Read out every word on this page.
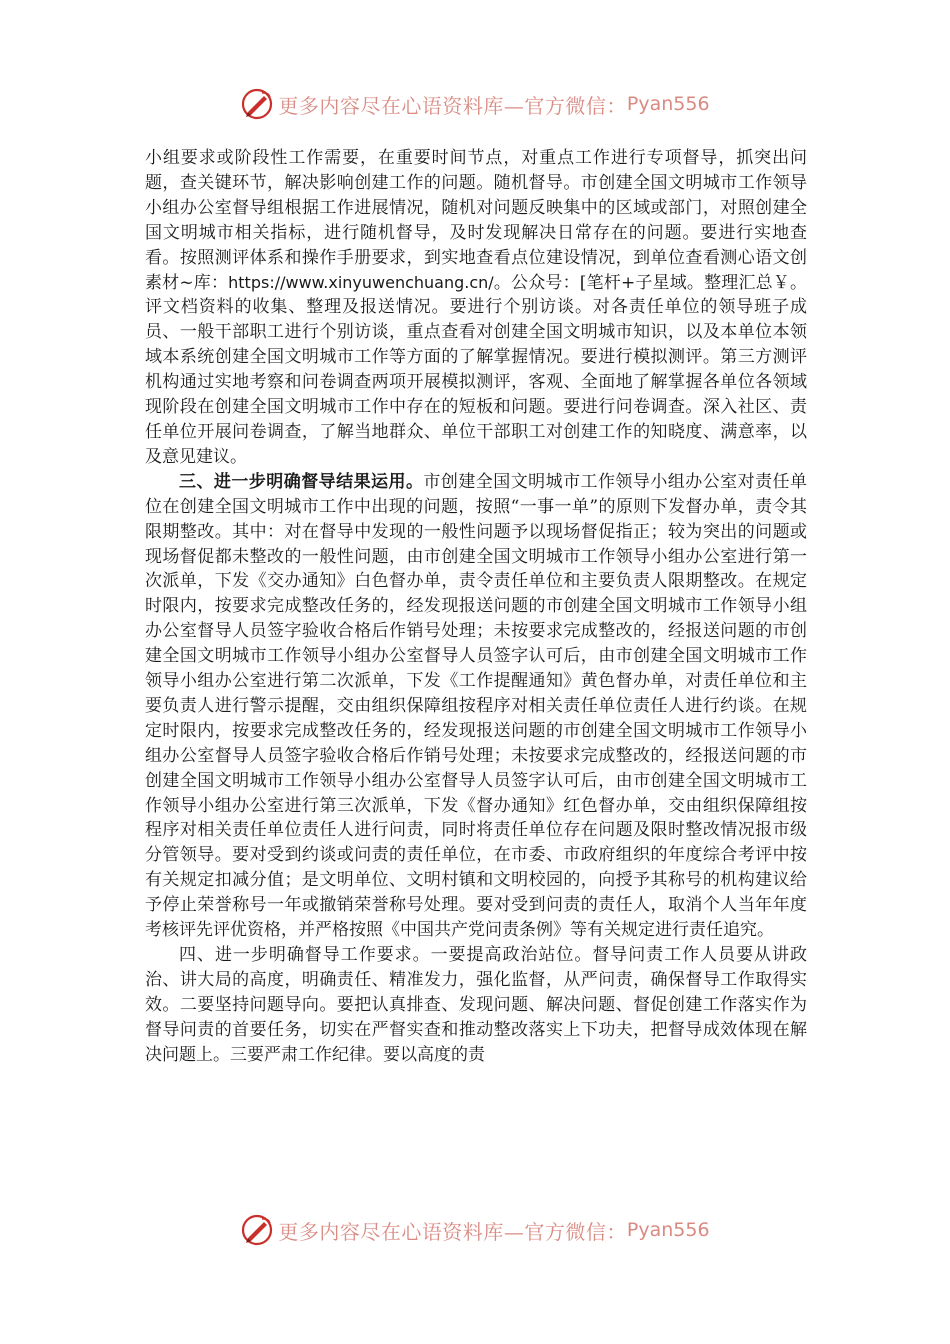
更多内容尽在心语资料库—官方微信： Pyan556

小组要求或阶段性工作需要，在重要时间节点，对重点工作进行专项督导，抓突出问题，查关键环节，解决影响创建工作的问题。随机督导。市创建全国文明城市工作领导小组办公室督导组根据工作进展情况，随机对问题反映集中的区域或部门，对照创建全国文明城市相关指标，进行随机督导，及时发现解决日常存在的问题。要进行实地查看。按照测评体系和操作手册要求，到实地查看点位建设情况，到单位查看测心语文创素材~库：https://www.xinyuwenchuang.cn/。公众号：[笔杆+子星域。整理汇总￥。评文档资料的收集、整理及报送情况。要进行个别访谈。对各责任单位的领导班子成员、一般干部职工进行个别访谈，重点查看对创建全国文明城市知识，以及本单位本领域本系统创建全国文明城市工作等方面的了解掌握情况。要进行模拟测评。第三方测评机构通过实地考察和问卷调查两项开展模拟测评，客观、全面地了解掌握各单位各领域现阶段在创建全国文明城市工作中存在的短板和问题。要进行问卷调查。深入社区、责任单位开展问卷调查，了解当地群众、单位干部职工对创建工作的知晓度、满意率，以及意见建议。

三、进一步明确督导结果运用。市创建全国文明城市工作领导小组办公室对责任单位在创建全国文明城市工作中出现的问题，按照“一事一单”的原则下发督办单，责令其限期整改。其中：对在督导中发现的一般性问题予以现场督促指正；较为突出的问题或现场督促都未整改的一般性问题，由市创建全国文明城市工作领导小组办公室进行第一次派单，下发《交办通知》白色督办单，责令责任单位和主要负责人限期整改。在规定时限内，按要求完成整改任务的，经发现报送问题的市创建全国文明城市工作领导小组办公室督导人员签字验收合格后作销号处理；未按要求完成整改的，经报送问题的市创建全国文明城市工作领导小组办公室督导人员签字认可后，由市创建全国文明城市工作领导小组办公室进行第二次派单，下发《工作提醒通知》黄色督办单，对责任单位和主要负责人进行警示提醒，交由组织保障组按程序对相关责任单位责任人进行约谈。在规定时限内，按要求完成整改任务的，经发现报送问题的市创建全国文明城市工作领导小组办公室督导人员签字验收合格后作销号处理；未按要求完成整改的，经报送问题的市创建全国文明城市工作领导小组办公室督导人员签字认可后，由市创建全国文明城市工作领导小组办公室进行第三次派单，下发《督办通知》红色督办单，交由组织保障组按程序对相关责任单位责任人进行问责，同时将责任单位存在问题及限时整改情况报市级分管领导。要对受到约谈或问责的责任单位，在市委、市政府组织的年度综合考评中按有关规定扣减分值；是文明单位、文明村镇和文明校园的，向授予其称号的机构建议给予停止荣誉称号一年或撤销荣誉称号处理。要对受到问责的责任人，取消个人当年年度考核评先评优资格，并严格按照《中国共产党问责条例》等有关规定进行责任追究。

四、进一步明确督导工作要求。一要提高政治站位。督导问责工作人员要从讲政治、讲大局的高度，明确责任、精准发力，强化监督，从严问责，确保督导工作取得实效。二要坚持问题导向。要把认真排查、发现问题、解决问题、督促创建工作落实作为督导问责的首要任务，切实在严督实查和推动整改落实上下功夫，把督导成效体现在解决问题上。三要严肃工作纪律。要以高度的责

更多内容尽在心语资料库—官方微信： Pyan556
